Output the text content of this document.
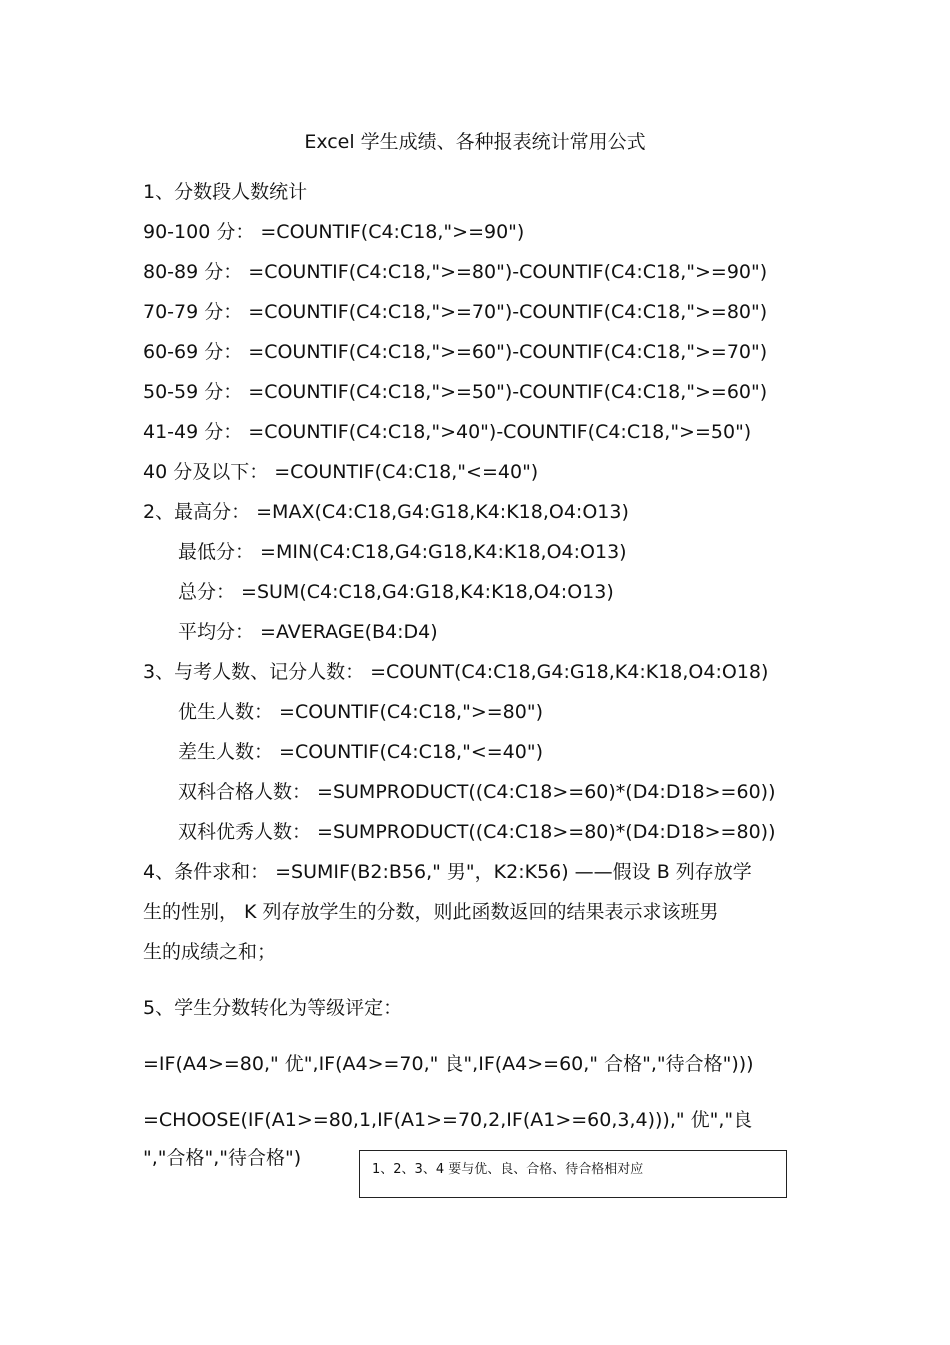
Excel 学生成绩、各种报表统计常用公式
1、分数段人数统计
90-100 分： =COUNTIF(C4:C18,">=90")
80-89 分： =COUNTIF(C4:C18,">=80")-COUNTIF(C4:C18,">=90")
70-79 分： =COUNTIF(C4:C18,">=70")-COUNTIF(C4:C18,">=80")
60-69 分： =COUNTIF(C4:C18,">=60")-COUNTIF(C4:C18,">=70")
50-59 分： =COUNTIF(C4:C18,">=50")-COUNTIF(C4:C18,">=60")
41-49 分： =COUNTIF(C4:C18,">40")-COUNTIF(C4:C18,">=50")
40 分及以下： =COUNTIF(C4:C18,"<=40")
2、最高分： =MAX(C4:C18,G4:G18,K4:K18,O4:O13)
最低分： =MIN(C4:C18,G4:G18,K4:K18,O4:O13)
总分： =SUM(C4:C18,G4:G18,K4:K18,O4:O13)
平均分： =AVERAGE(B4:D4)
3、与考人数、记分人数： =COUNT(C4:C18,G4:G18,K4:K18,O4:O18)
优生人数： =COUNTIF(C4:C18,">=80")
差生人数： =COUNTIF(C4:C18,"<=40")
双科合格人数： =SUMPRODUCT((C4:C18>=60)*(D4:D18>=60))
双科优秀人数： =SUMPRODUCT((C4:C18>=80)*(D4:D18>=80))
4、条件求和： =SUMIF(B2:B56," 男"，K2:K56) ——假设 B 列存放学
生的性别， K 列存放学生的分数，则此函数返回的结果表示求该班男
生的成绩之和；
5、学生分数转化为等级评定：
=IF(A4>=80," 优",IF(A4>=70," 良",IF(A4>=60," 合格","待合格")))
=CHOOSE(IF(A1>=80,1,IF(A1>=70,2,IF(A1>=60,3,4)))," 优","良
","合格","待合格")
1、2、3、4 要与优、良、合格、待合格相对应
